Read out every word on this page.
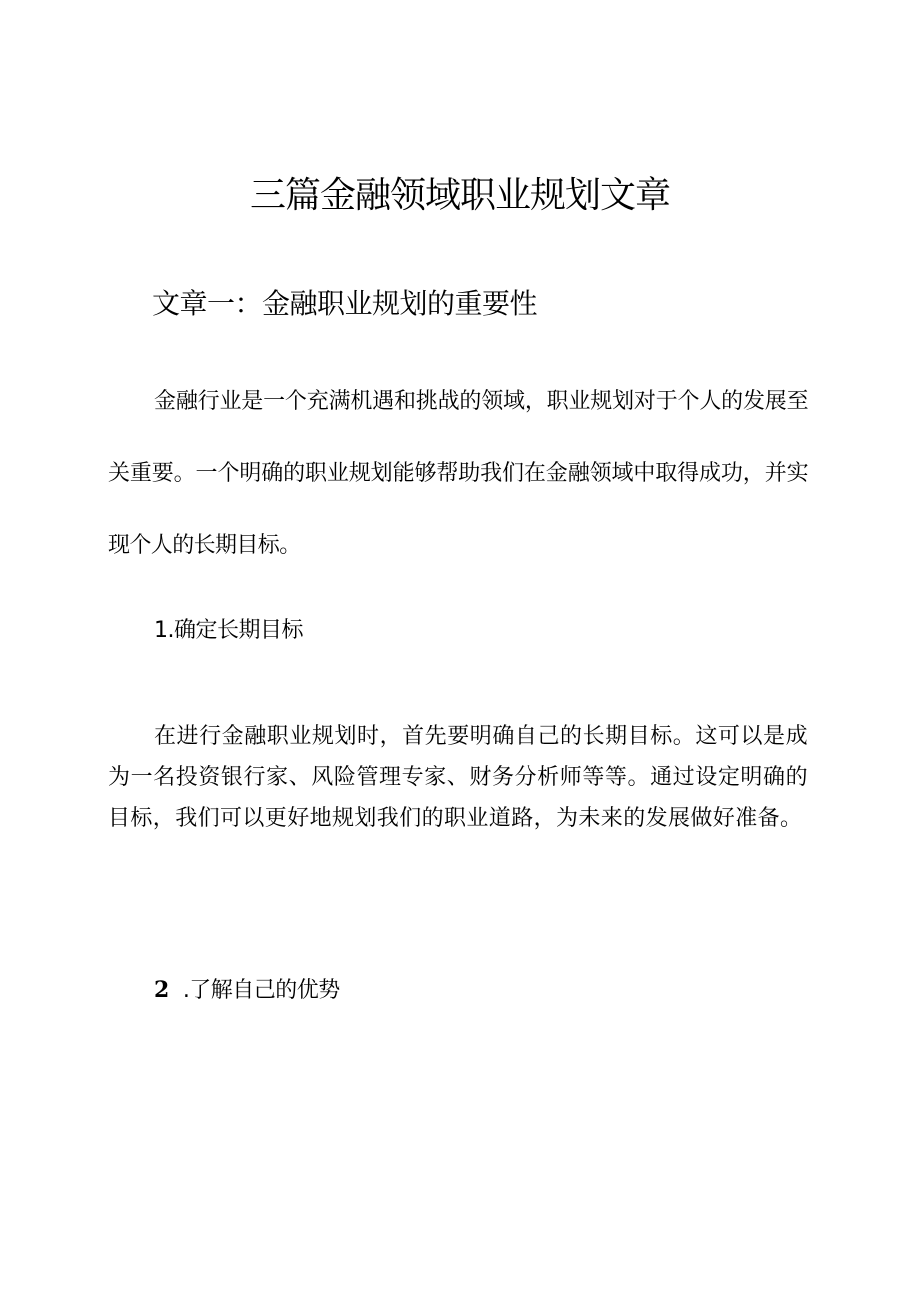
三篇金融领域职业规划文章
文章一：金融职业规划的重要性

金融行业是一个充满机遇和挑战的领域，职业规划对于个人的发展至关重要。一个明确的职业规划能够帮助我们在金融领域中取得成功，并实现个人的长期目标。

1.确定长期目标

在进行金融职业规划时，首先要明确自己的长期目标。这可以是成为一名投资银行家、风险管理专家、财务分析师等等。通过设定明确的目标，我们可以更好地规划我们的职业道路，为未来的发展做好准备。

2 .了解自己的优势
